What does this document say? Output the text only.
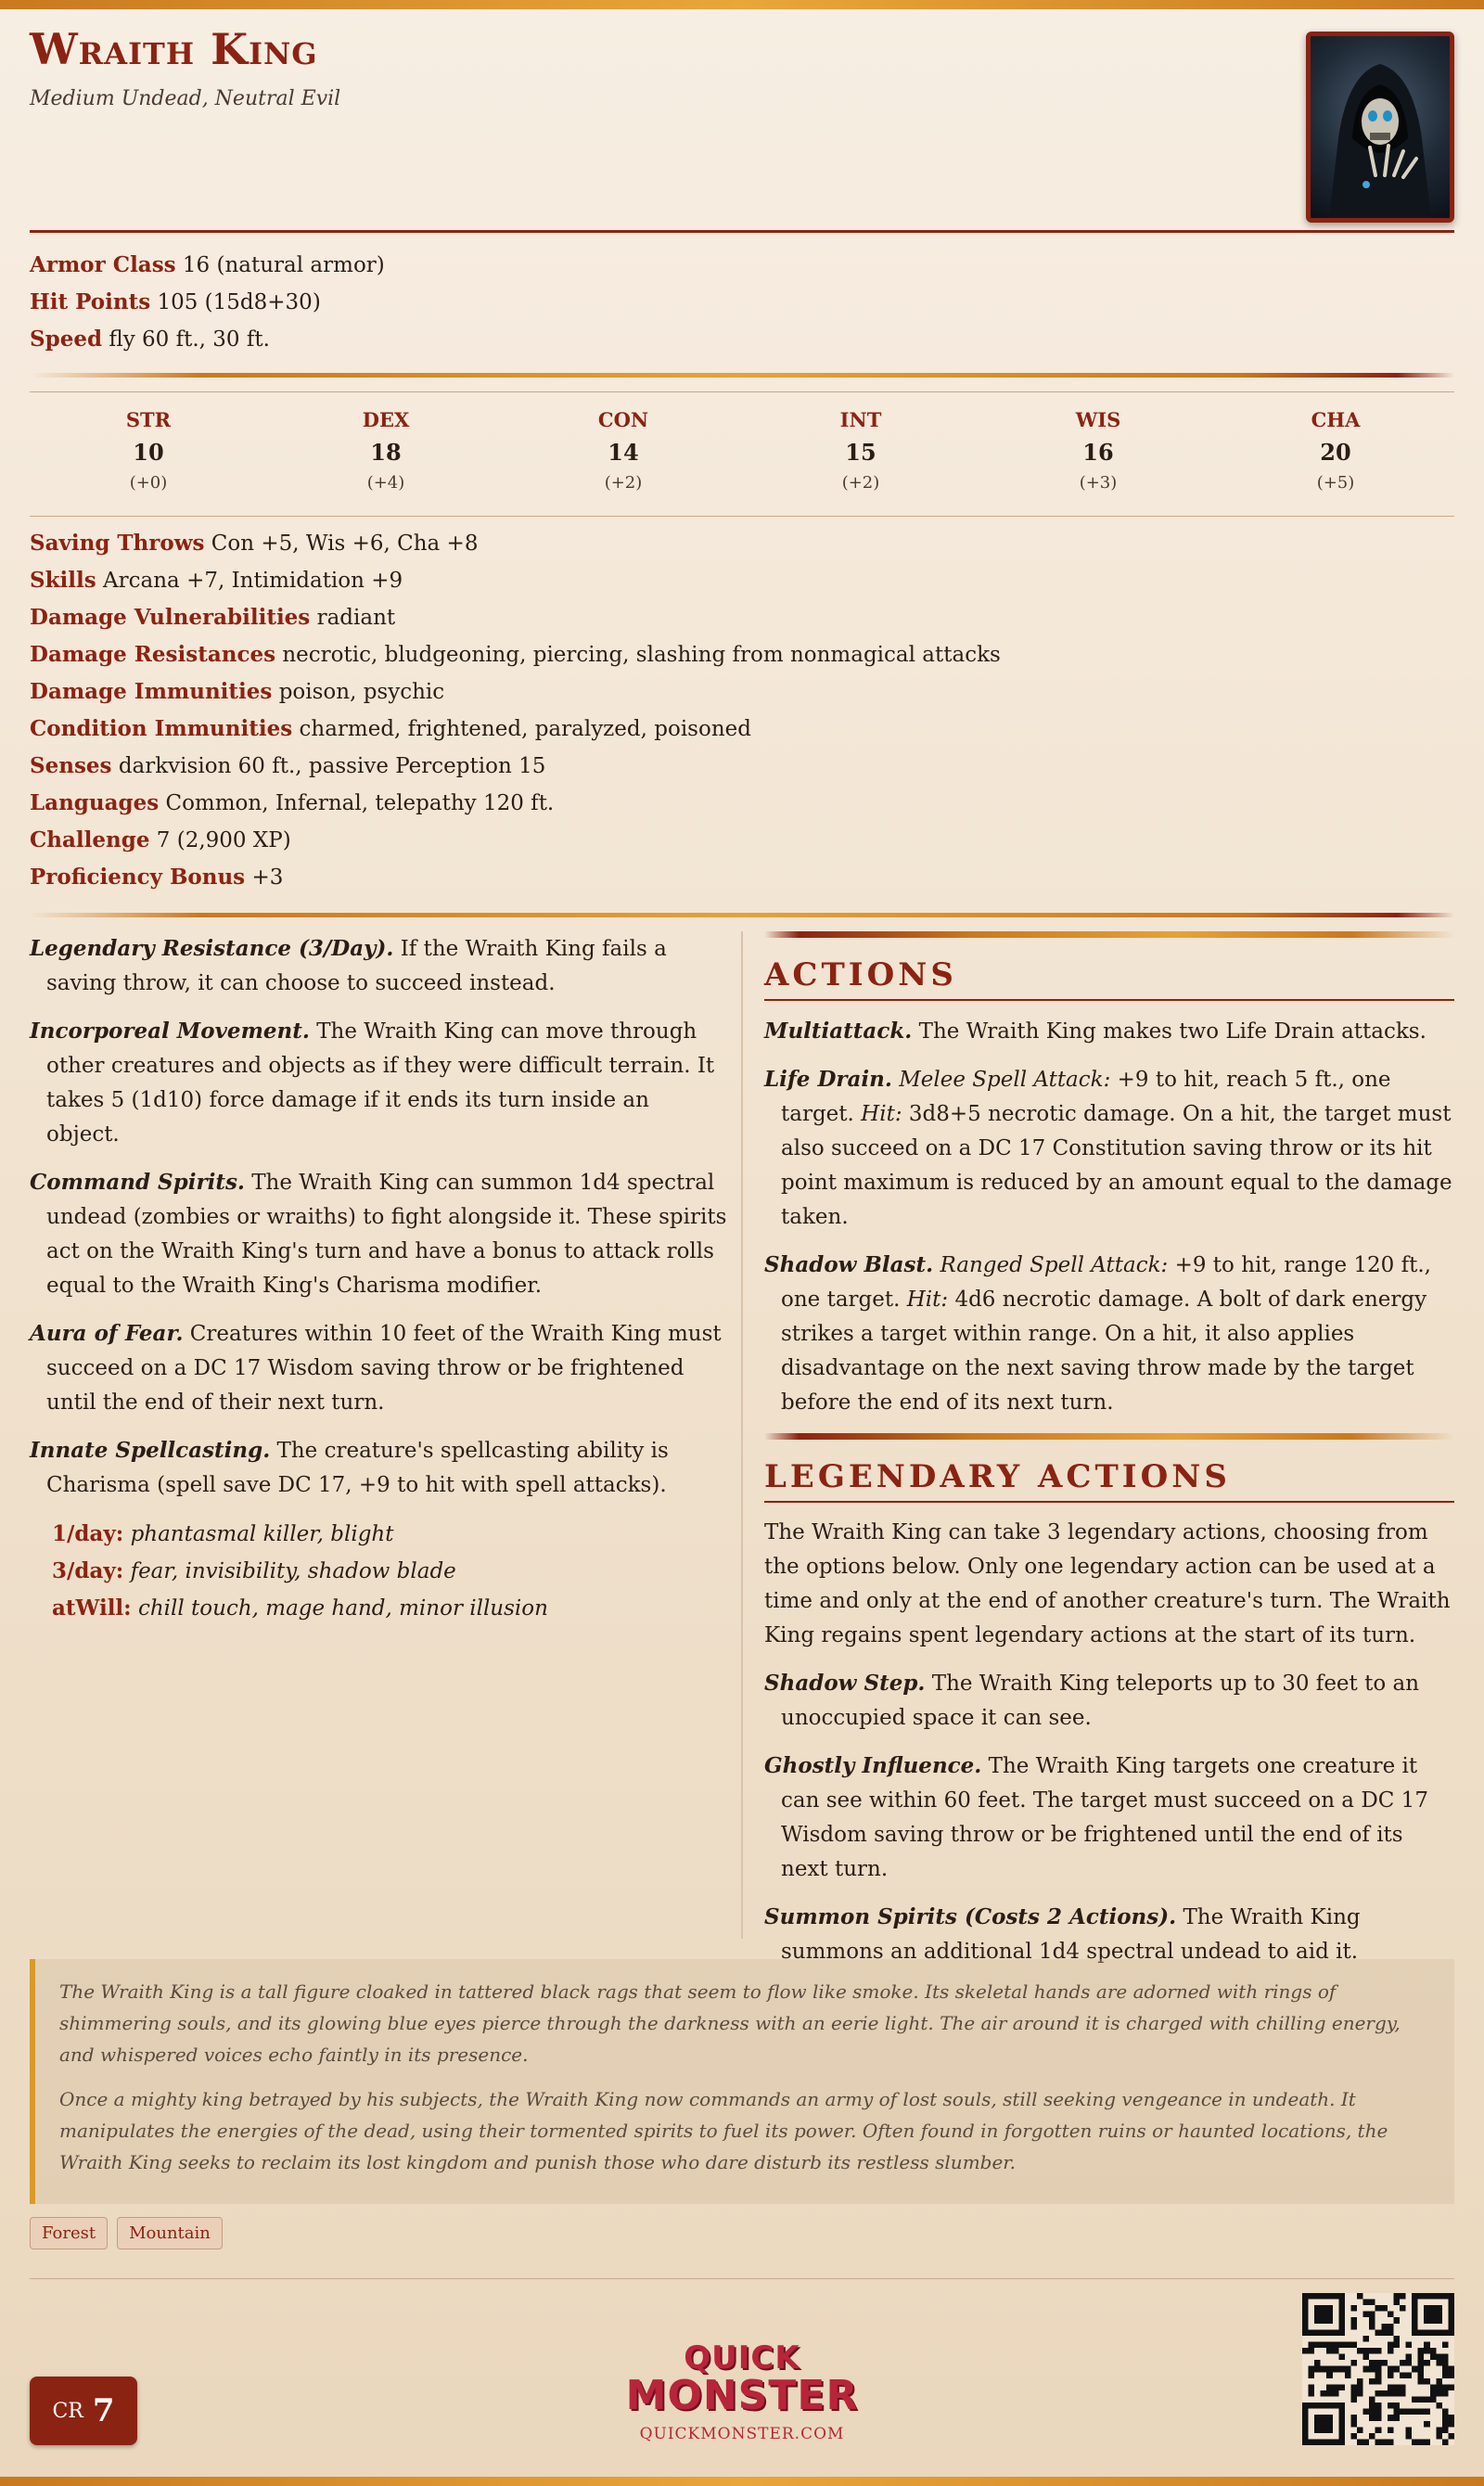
Wraith King
Medium Undead, Neutral Evil
Armor Class 16 (natural armor)
Hit Points 105 (15d8+30)
Speed fly 60 ft., 30 ft.
STR
10
(+0)
DEX
18
(+4)
CON
14
(+2)
INT
15
(+2)
WIS
16
(+3)
CHA
20
(+5)
Saving Throws Con +5, Wis +6, Cha +8
Skills Arcana +7, Intimidation +9
Damage Vulnerabilities radiant
Damage Resistances necrotic, bludgeoning, piercing, slashing from nonmagical attacks
Damage Immunities poison, psychic
Condition Immunities charmed, frightened, paralyzed, poisoned
Senses darkvision 60 ft., passive Perception 15
Languages Common, Infernal, telepathy 120 ft.
Challenge 7 (2,900 XP)
Proficiency Bonus +3
Legendary Resistance (3/Day). If the Wraith King fails a saving throw, it can choose to succeed instead.
Incorporeal Movement. The Wraith King can move through other creatures and objects as if they were difficult terrain. It takes 5 (1d10) force damage if it ends its turn inside an object.
Command Spirits. The Wraith King can summon 1d4 spectral undead (zombies or wraiths) to fight alongside it. These spirits act on the Wraith King's turn and have a bonus to attack rolls equal to the Wraith King's Charisma modifier.
Aura of Fear. Creatures within 10 feet of the Wraith King must succeed on a DC 17 Wisdom saving throw or be frightened until the end of their next turn.
Innate Spellcasting. The creature's spellcasting ability is Charisma (spell save DC 17, +9 to hit with spell attacks).
1/day: phantasmal killer, blight
3/day: fear, invisibility, shadow blade
atWill: chill touch, mage hand, minor illusion
ACTIONS
Multiattack. The Wraith King makes two Life Drain attacks.
Life Drain. Melee Spell Attack: +9 to hit, reach 5 ft., one target. Hit: 3d8+5 necrotic damage. On a hit, the target must also succeed on a DC 17 Constitution saving throw or its hit point maximum is reduced by an amount equal to the damage taken.
Shadow Blast. Ranged Spell Attack: +9 to hit, range 120 ft., one target. Hit: 4d6 necrotic damage. A bolt of dark energy strikes a target within range. On a hit, it also applies disadvantage on the next saving throw made by the target before the end of its next turn.
LEGENDARY ACTIONS
The Wraith King can take 3 legendary actions, choosing from the options below. Only one legendary action can be used at a time and only at the end of another creature's turn. The Wraith King regains spent legendary actions at the start of its turn.
Shadow Step. The Wraith King teleports up to 30 feet to an unoccupied space it can see.
Ghostly Influence. The Wraith King targets one creature it can see within 60 feet. The target must succeed on a DC 17 Wisdom saving throw or be frightened until the end of its next turn.
Summon Spirits (Costs 2 Actions). The Wraith King summons an additional 1d4 spectral undead to aid it.

The Wraith King is a tall figure cloaked in tattered black rags that seem to flow like smoke. Its skeletal hands are adorned with rings of shimmering souls, and its glowing blue eyes pierce through the darkness with an eerie light. The air around it is charged with chilling energy, and whispered voices echo faintly in its presence.

Once a mighty king betrayed by his subjects, the Wraith King now commands an army of lost souls, still seeking vengeance in undeath. It manipulates the energies of the dead, using their tormented spirits to fuel its power. Often found in forgotten ruins or haunted locations, the Wraith King seeks to reclaim its lost kingdom and punish those who dare disturb its restless slumber.

Forest	Mountain
CR 7
QUICK
MONSTER
QUICKMONSTER.COM
